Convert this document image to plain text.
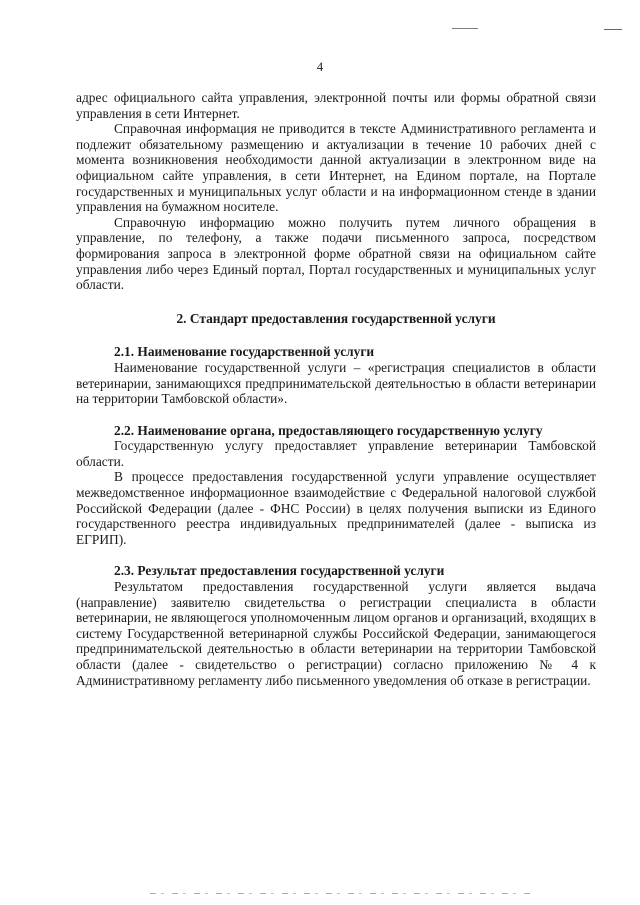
4

адрес официального сайта управления, электронной почты или формы обратной связи управления в сети Интернет.

Справочная информация не приводится в тексте Административного регламента и подлежит обязательному размещению и актуализации в течение 10 рабочих дней с момента возникновения необходимости данной актуализации в электронном виде на официальном сайте управления, в сети Интернет, на Едином портале, на Портале государственных и муниципальных услуг области и на информационном стенде в здании управления на бумажном носителе.

Справочную информацию можно получить путем личного обращения в управление, по телефону, а также подачи письменного запроса, посредством формирования запроса в электронной форме обратной связи на официальном сайте управления либо через Единый портал, Портал государственных и муниципальных услуг области.

2. Стандарт предоставления государственной услуги

2.1. Наименование государственной услуги

Наименование государственной услуги – «регистрация специалистов в области ветеринарии, занимающихся предпринимательской деятельностью в области ветеринарии на территории Тамбовской области».

2.2. Наименование органа, предоставляющего государственную услугу

Государственную услугу предоставляет управление ветеринарии Тамбовской области.

В процессе предоставления государственной услуги управление осуществляет межведомственное информационное взаимодействие с Федеральной налоговой службой Российской Федерации (далее - ФНС России) в целях получения выписки из Единого государственного реестра индивидуальных предпринимателей (далее - выписка из ЕГРИП).

2.3. Результат предоставления государственной услуги

Результатом предоставления государственной услуги является выдача (направление) заявителю свидетельства о регистрации специалиста в области ветеринарии, не являющегося уполномоченным лицом органов и организаций, входящих в систему Государственной ветеринарной службы Российской Федерации, занимающегося предпринимательской деятельностью в области ветеринарии на территории Тамбовской области (далее - свидетельство о регистрации) согласно приложению № 4 к Административному регламенту либо письменного уведомления об отказе в регистрации.
